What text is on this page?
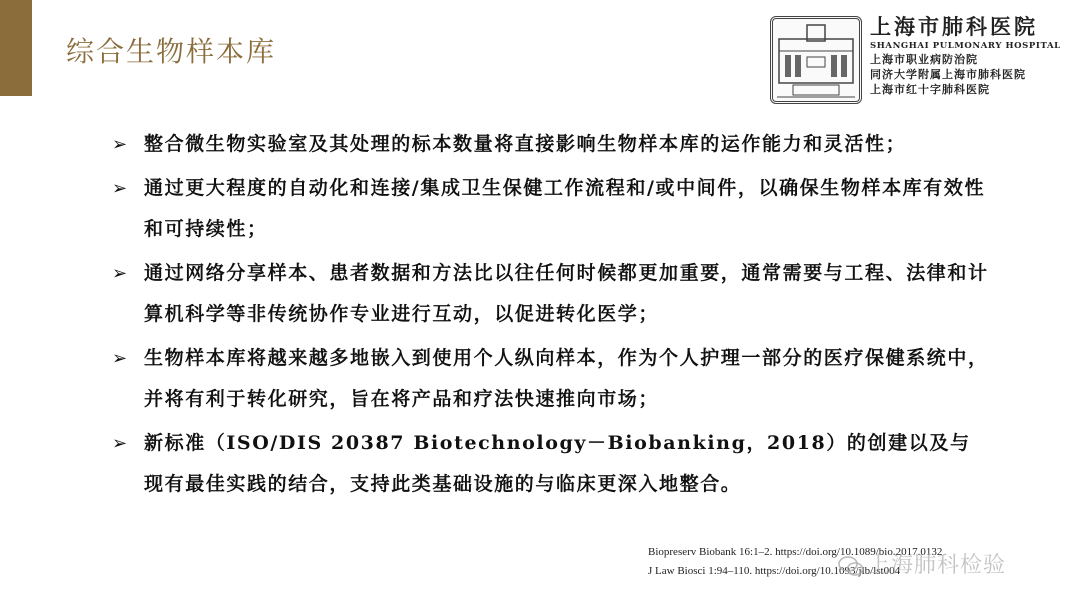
综合生物样本库
上海市肺科医院
SHANGHAI PULMONARY HOSPITAL
上海市职业病防治院
同济大学附属上海市肺科医院
上海市红十字肺科医院
➢ 整合微生物实验室及其处理的标本数量将直接影响生物样本库的运作能力和灵活性；
➢ 通过更大程度的自动化和连接/集成卫生保健工作流程和/或中间件，以确保生物样本库有效性和可持续性；
➢ 通过网络分享样本、患者数据和方法比以往任何时候都更加重要，通常需要与工程、法律和计算机科学等非传统协作专业进行互动，以促进转化医学；
➢ 生物样本库将越来越多地嵌入到使用个人纵向样本，作为个人护理一部分的医疗保健系统中，并将有利于转化研究，旨在将产品和疗法快速推向市场；
➢ 新标准（ISO/DIS 20387 Biotechnology－Biobanking，2018）的创建以及与现有最佳实践的结合，支持此类基础设施的与临床更深入地整合。
Biopreserv Biobank 16:1–2. https://doi.org/10.1089/bio.2017.0132
J Law Biosci 1:94–110. https://doi.org/10.1093/jlb/lst004
上海肺科检验
